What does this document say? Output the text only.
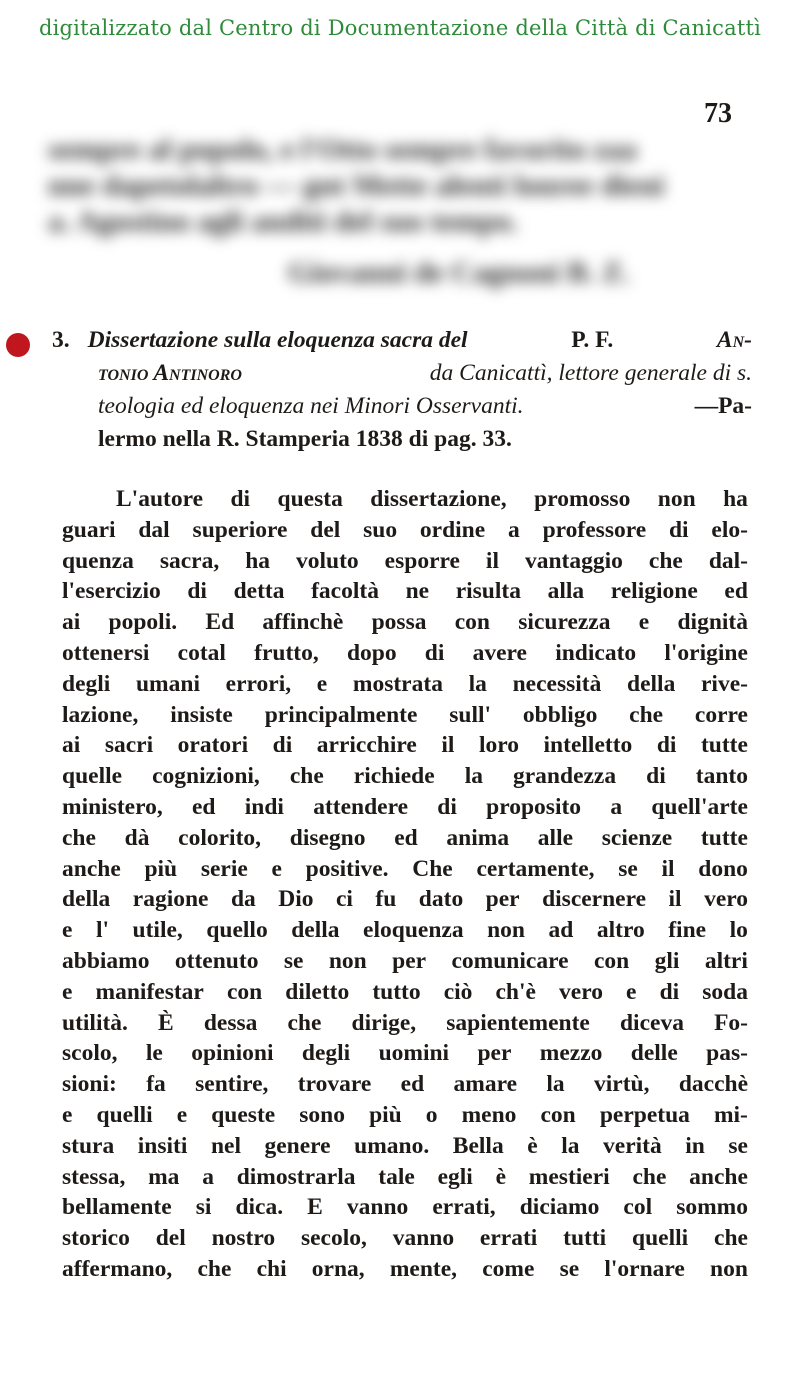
digitalizzato dal Centro di Documentazione della Città di Canicattì
73
sempre al popolo, e l'Otto sempre favorito zaa
nne dapetolaltro — gnt Mette alenti lonree dieni
a. Agostino agli anditi del suo tempo.
Giovanni de Cagnoni B. Z.
3. Dissertazione sulla eloquenza sacra del	P. F.	An-
tonio Antinoro	da Canicattì, lettore generale di s.
teologia ed eloquenza nei Minori Osservanti.	—Pa-
lermo nella R. Stamperia 1838 di pag. 33.
L'autore di questa dissertazione, promosso non ha
guari dal superiore del suo ordine a professore di elo-
quenza sacra, ha voluto esporre il vantaggio che dal-
l'esercizio di detta facoltà ne risulta alla religione ed
ai popoli. Ed affinchè possa con sicurezza e dignità
ottenersi cotal frutto, dopo di avere indicato l'origine
degli umani errori, e mostrata la necessità della rive-
lazione, insiste principalmente sull' obbligo che corre
ai sacri oratori di arricchire il loro intelletto di tutte
quelle cognizioni, che richiede la grandezza di tanto
ministero, ed indi attendere di proposito a quell'arte
che dà colorito, disegno ed anima alle scienze tutte
anche più serie e positive. Che certamente, se il dono
della ragione da Dio ci fu dato per discernere il vero
e l' utile, quello della eloquenza non ad altro fine lo
abbiamo ottenuto se non per comunicare con gli altri
e manifestar con diletto tutto ciò ch'è vero e di soda
utilità. È dessa che dirige, sapientemente diceva Fo-
scolo, le opinioni degli uomini per mezzo delle pas-
sioni: fa sentire, trovare ed amare la virtù, dacchè
e quelli e queste sono più o meno con perpetua mi-
stura insiti nel genere umano. Bella è la verità in se
stessa, ma a dimostrarla tale egli è mestieri che anche
bellamente si dica. E vanno errati, diciamo col sommo
storico del nostro secolo, vanno errati tutti quelli che
affermano, che chi orna, mente, come se l'ornare non
